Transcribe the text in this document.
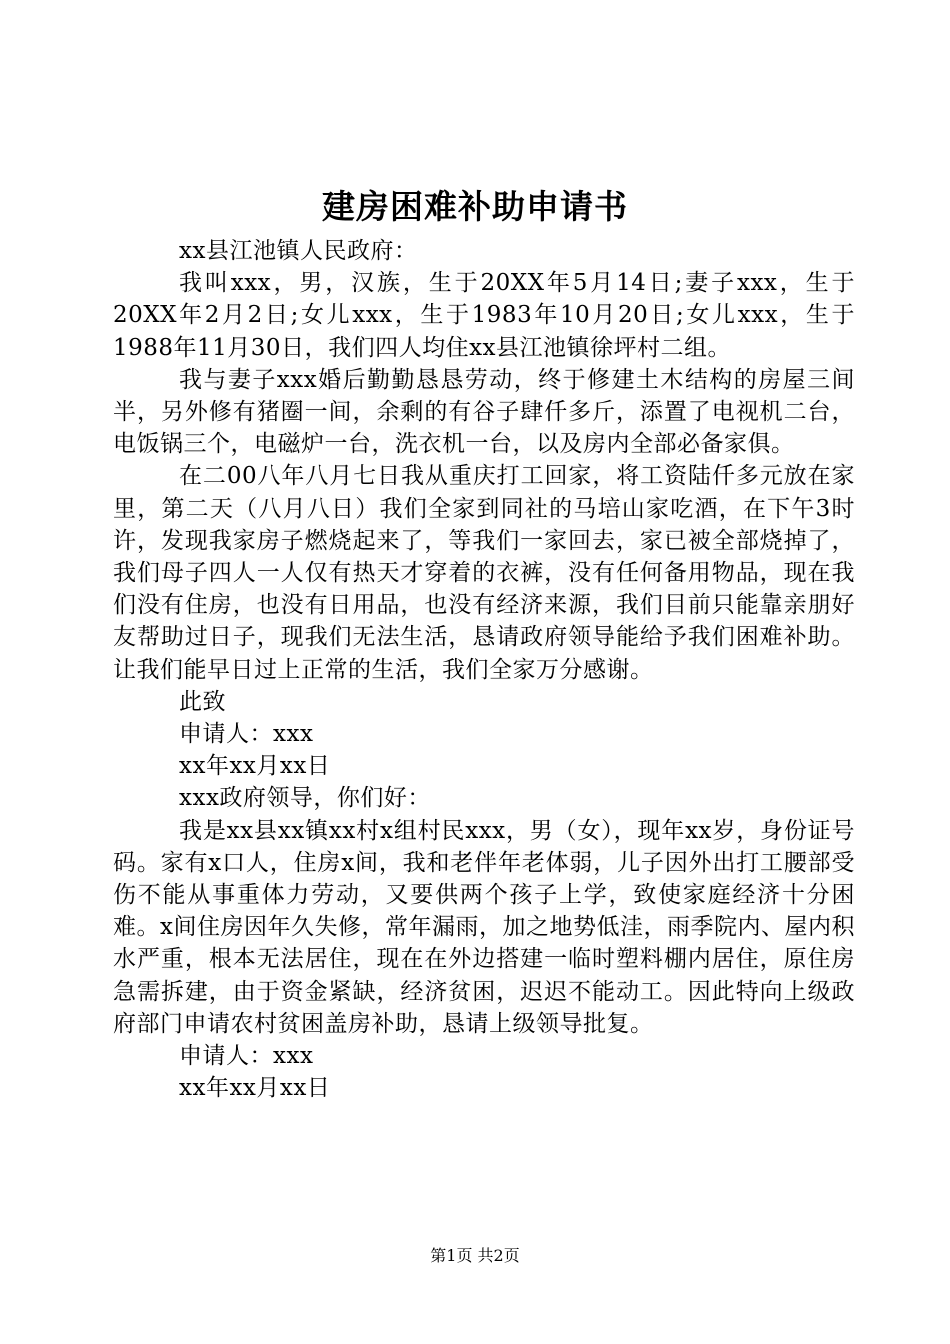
建房困难补助申请书

xx县江池镇人民政府：

我叫xxx，男，汉族，生于20XX年5月14日;妻子xxx，生于20XX年2月2日;女儿xxx，生于1983年10月20日;女儿xxx，生于1988年11月30日，我们四人均住xx县江池镇徐坪村二组。

我与妻子xxx婚后勤勤恳恳劳动，终于修建土木结构的房屋三间半，另外修有猪圈一间，余剩的有谷子肆仟多斤，添置了电视机二台，电饭锅三个，电磁炉一台，洗衣机一台，以及房内全部必备家俱。

在二00八年八月七日我从重庆打工回家，将工资陆仟多元放在家里，第二天（八月八日）我们全家到同社的马培山家吃酒，在下午3时许，发现我家房子燃烧起来了，等我们一家回去，家已被全部烧掉了，我们母子四人一人仅有热天才穿着的衣裤，没有任何备用物品，现在我们没有住房，也没有日用品，也没有经济来源，我们目前只能靠亲朋好友帮助过日子，现我们无法生活，恳请政府领导能给予我们困难补助。让我们能早日过上正常的生活，我们全家万分感谢。

此致

申请人：xxx

xx年xx月xx日

xxx政府领导，你们好：

我是xx县xx镇xx村x组村民xxx，男（女），现年xx岁，身份证号码。家有x口人，住房x间，我和老伴年老体弱，儿子因外出打工腰部受伤不能从事重体力劳动，又要供两个孩子上学，致使家庭经济十分困难。x间住房因年久失修，常年漏雨，加之地势低洼，雨季院内、屋内积水严重，根本无法居住，现在在外边搭建一临时塑料棚内居住，原住房急需拆建，由于资金紧缺，经济贫困，迟迟不能动工。因此特向上级政府部门申请农村贫困盖房补助，恳请上级领导批复。

申请人：xxx

xx年xx月xx日

第1页 共2页
